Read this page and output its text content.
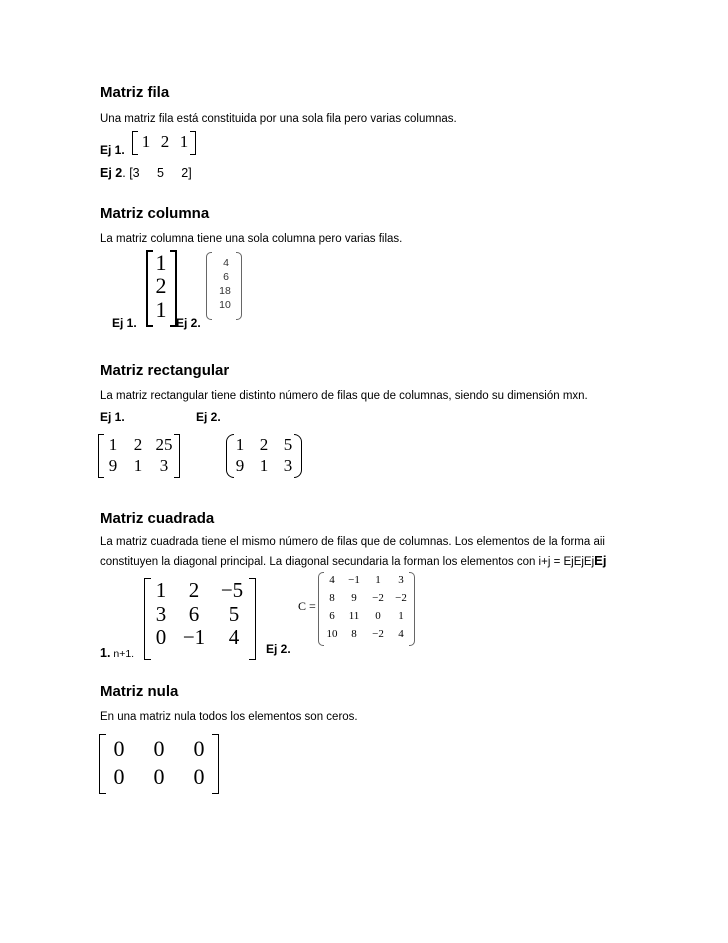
Matriz fila
Una matriz fila está constituida por una sola fila pero varias columnas.
Ej 1. 1 2 1
Ej 2. [3     5     2]
Matriz columna
La matriz columna tiene una sola columna pero varias filas.
1
2
1
Ej 1.	Ej 2.
4
6
18
10
Matriz rectangular
La matriz rectangular tiene distinto número de filas que de columnas, siendo su dimensión mxn.
Ej 1.	Ej 2.
1 2 25
9 1 3
1 2 5
9 1 3
Matriz cuadrada
La matriz cuadrada tiene el mismo número de filas que de columnas. Los elementos de la forma aii
constituyen la diagonal principal. La diagonal secundaria la forman los elementos con i+j = EjEjEjEj
1 2 −5
3 6 5
0 −1 4
1. n+1.	Ej 2.
C =
4 −1 1 3
8 9 −2 −2
6 11 0 1
10 8 −2 4
Matriz nula
En una matriz nula todos los elementos son ceros.
0 0 0
0 0 0
